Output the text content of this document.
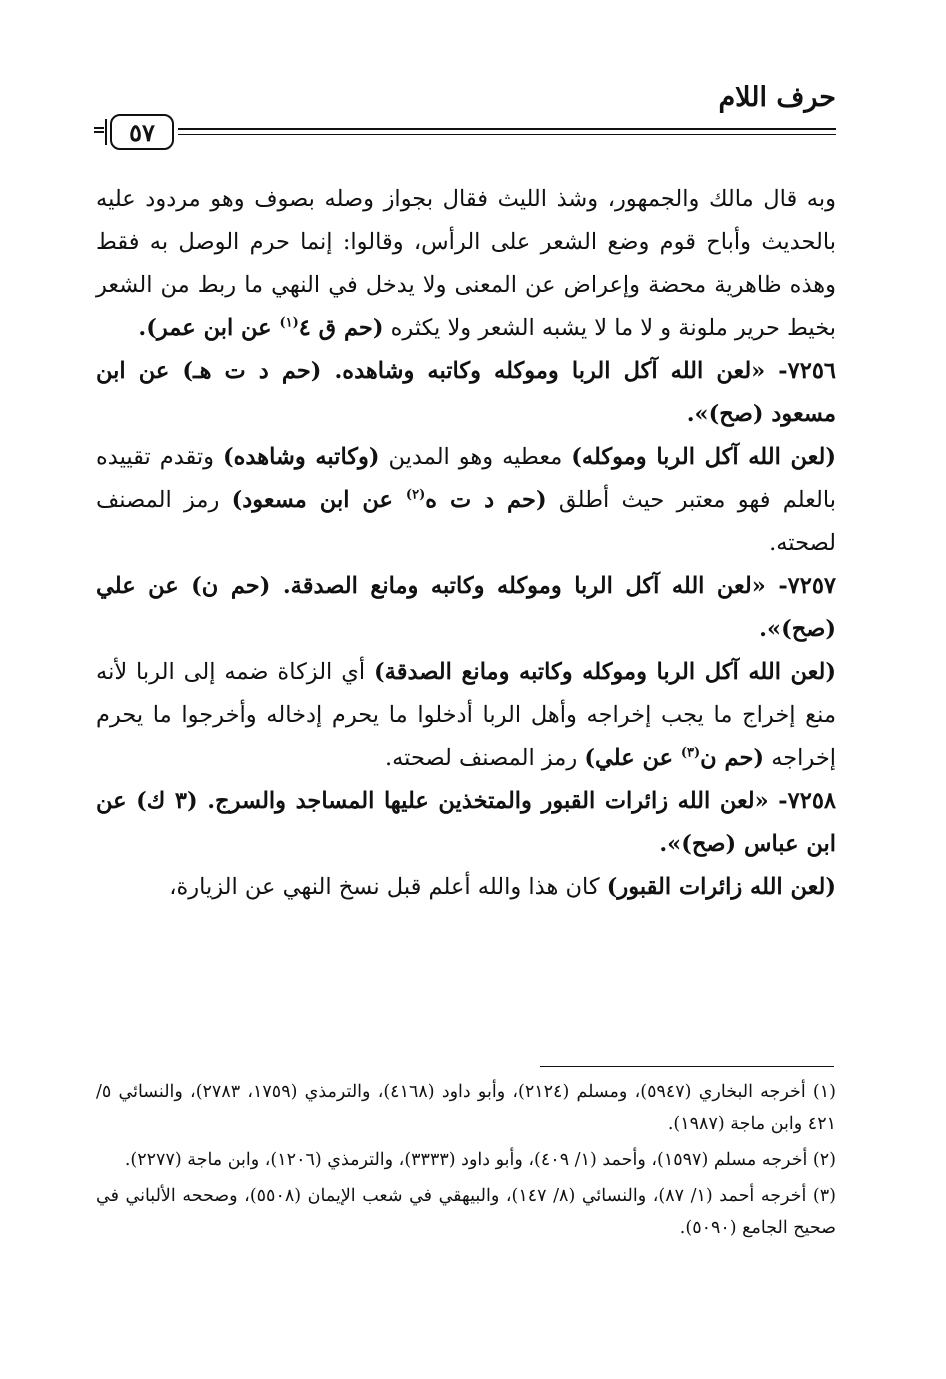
حرف اللام
٥٧

وبه قال مالك والجمهور، وشذ الليث فقال بجواز وصله بصوف وهو مردود عليه بالحديث وأباح قوم وضع الشعر على الرأس، وقالوا: إنما حرم الوصل به فقط وهذه ظاهرية محضة وإعراض عن المعنى ولا يدخل في النهي ما ربط من الشعر بخيط حرير ملونة و لا ما لا يشبه الشعر ولا يكثره (حم ق ٤$^{(١)}$ عن ابن عمر).

٧٢٥٦- «لعن الله آكل الربا وموكله وكاتبه وشاهده. (حم د ت هـ) عن ابن مسعود (صح)».

(لعن الله آكل الربا وموكله) معطيه وهو المدين (وكاتبه وشاهده) وتقدم تقييده بالعلم فهو معتبر حيث أطلق (حم د ت ه$^{(٢)}$ عن ابن مسعود) رمز المصنف لصحته.

٧٢٥٧- «لعن الله آكل الربا وموكله وكاتبه ومانع الصدقة. (حم ن) عن علي (صح)».

(لعن الله آكل الربا وموكله وكاتبه ومانع الصدقة) أي الزكاة ضمه إلى الربا لأنه منع إخراج ما يجب إخراجه وأهل الربا أدخلوا ما يحرم إدخاله وأخرجوا ما يحرم إخراجه (حم ن$^{(٣)}$ عن علي) رمز المصنف لصحته.

٧٢٥٨- «لعن الله زائرات القبور والمتخذين عليها المساجد والسرج. (٣ ك) عن ابن عباس (صح)».

(لعن الله زائرات القبور) كان هذا والله أعلم قبل نسخ النهي عن الزيارة،

(١) أخرجه البخاري (٥٩٤٧)، ومسلم (٢١٢٤)، وأبو داود (٤١٦٨)، والترمذي (١٧٥٩، ٢٧٨٣)، والنسائي ٥/ ٤٢١ وابن ماجة (١٩٨٧).

(٢) أخرجه مسلم (١٥٩٧)، وأحمد (١/ ٤٠٩)، وأبو داود (٣٣٣٣)، والترمذي (١٢٠٦)، وابن ماجة (٢٢٧٧).

(٣) أخرجه أحمد (١/ ٨٧)، والنسائي (٨/ ١٤٧)، والبيهقي في شعب الإيمان (٥٥٠٨)، وصححه الألباني في صحيح الجامع (٥٠٩٠).
